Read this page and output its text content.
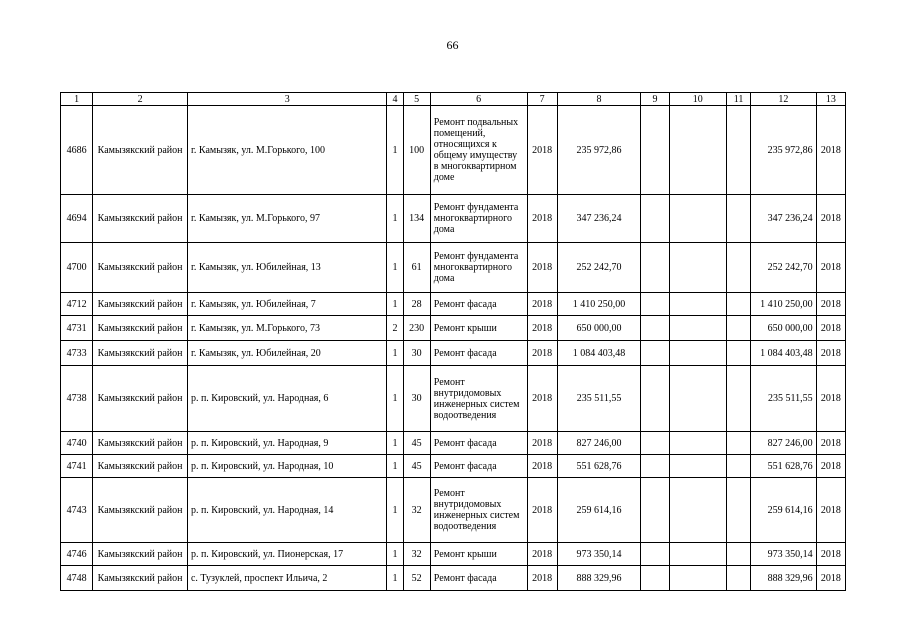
66
1	2	3	4	5	6	7	8	9	10	11	12	13
4686	Камызякский район	г. Камызяк, ул. М.Горького, 100	1	100	Ремонт подвальных помещений, относящихся к общему имуществу в многоквартирном доме	2018	235 972,86				235 972,86	2018
4694	Камызякский район	г. Камызяк, ул. М.Горького, 97	1	134	Ремонт фундамента многоквартирного дома	2018	347 236,24				347 236,24	2018
4700	Камызякский район	г. Камызяк, ул. Юбилейная, 13	1	61	Ремонт фундамента многоквартирного дома	2018	252 242,70				252 242,70	2018
4712	Камызякский район	г. Камызяк, ул. Юбилейная, 7	1	28	Ремонт фасада	2018	1 410 250,00				1 410 250,00	2018
4731	Камызякский район	г. Камызяк, ул. М.Горького, 73	2	230	Ремонт крыши	2018	650 000,00				650 000,00	2018
4733	Камызякский район	г. Камызяк, ул. Юбилейная, 20	1	30	Ремонт фасада	2018	1 084 403,48				1 084 403,48	2018
4738	Камызякский район	р. п. Кировский, ул. Народная, 6	1	30	Ремонт внутридомовых инженерных систем водоотведения	2018	235 511,55				235 511,55	2018
4740	Камызякский район	р. п. Кировский, ул. Народная, 9	1	45	Ремонт фасада	2018	827 246,00				827 246,00	2018
4741	Камызякский район	р. п. Кировский, ул. Народная, 10	1	45	Ремонт фасада	2018	551 628,76				551 628,76	2018
4743	Камызякский район	р. п. Кировский, ул. Народная, 14	1	32	Ремонт внутридомовых инженерных систем водоотведения	2018	259 614,16				259 614,16	2018
4746	Камызякский район	р. п. Кировский, ул. Пионерская, 17	1	32	Ремонт крыши	2018	973 350,14				973 350,14	2018
4748	Камызякский район	с. Тузуклей, проспект Ильича, 2	1	52	Ремонт фасада	2018	888 329,96				888 329,96	2018
